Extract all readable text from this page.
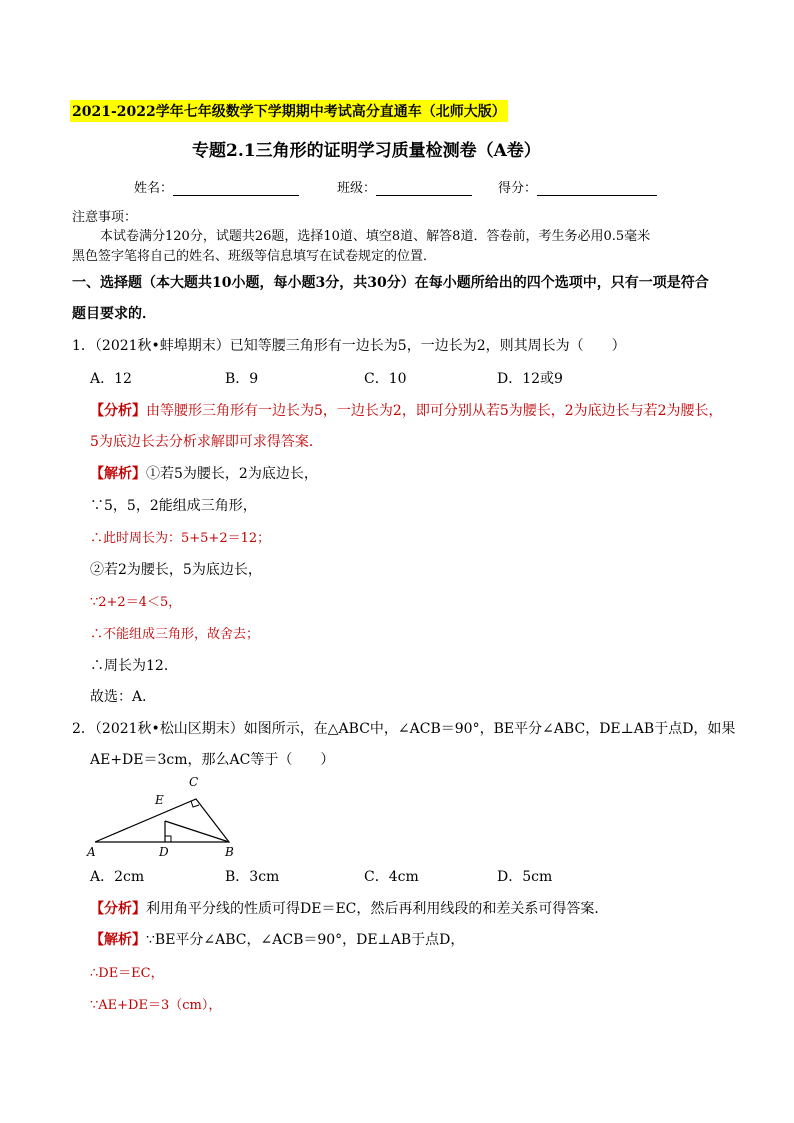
2021-2022学年七年级数学下学期期中考试高分直通车（北师大版）
专题2.1三角形的证明学习质量检测卷（A卷）
姓名：	班级：	得分：
注意事项：
本试卷满分120分，试题共26题，选择10道、填空8道、解答8道．答卷前，考生务必用0.5毫米
黑色签字笔将自己的姓名、班级等信息填写在试卷规定的位置．
一、选择题（本大题共10小题，每小题3分，共30分）在每小题所给出的四个选项中，只有一项是符合
题目要求的．
1．（2021秋•蚌埠期末）已知等腰三角形有一边长为5，一边长为2，则其周长为（　　）
A．12	B．9	C．10	D．12或9
【分析】由等腰形三角形有一边长为5，一边长为2，即可分别从若5为腰长，2为底边长与若2为腰长，
5为底边长去分析求解即可求得答案．
【解析】①若5为腰长，2为底边长，
∵5，5，2能组成三角形，
∴此时周长为：5+5+2＝12；
②若2为腰长，5为底边长，
∵2+2＝4＜5，
∴不能组成三角形，故舍去；
∴周长为12．
故选：A．
2．（2021秋•松山区期末）如图所示，在△ABC中，∠ACB＝90°，BE平分∠ABC，DE⊥AB于点D，如果
AE+DE＝3cm，那么AC等于（　　）
A	B
C
D
E
A．2cm	B．3cm	C．4cm	D．5cm
【分析】利用角平分线的性质可得DE＝EC，然后再利用线段的和差关系可得答案．
【解析】∵BE平分∠ABC，∠ACB＝90°，DE⊥AB于点D，
∴DE＝EC，
∵AE+DE＝3（cm），
